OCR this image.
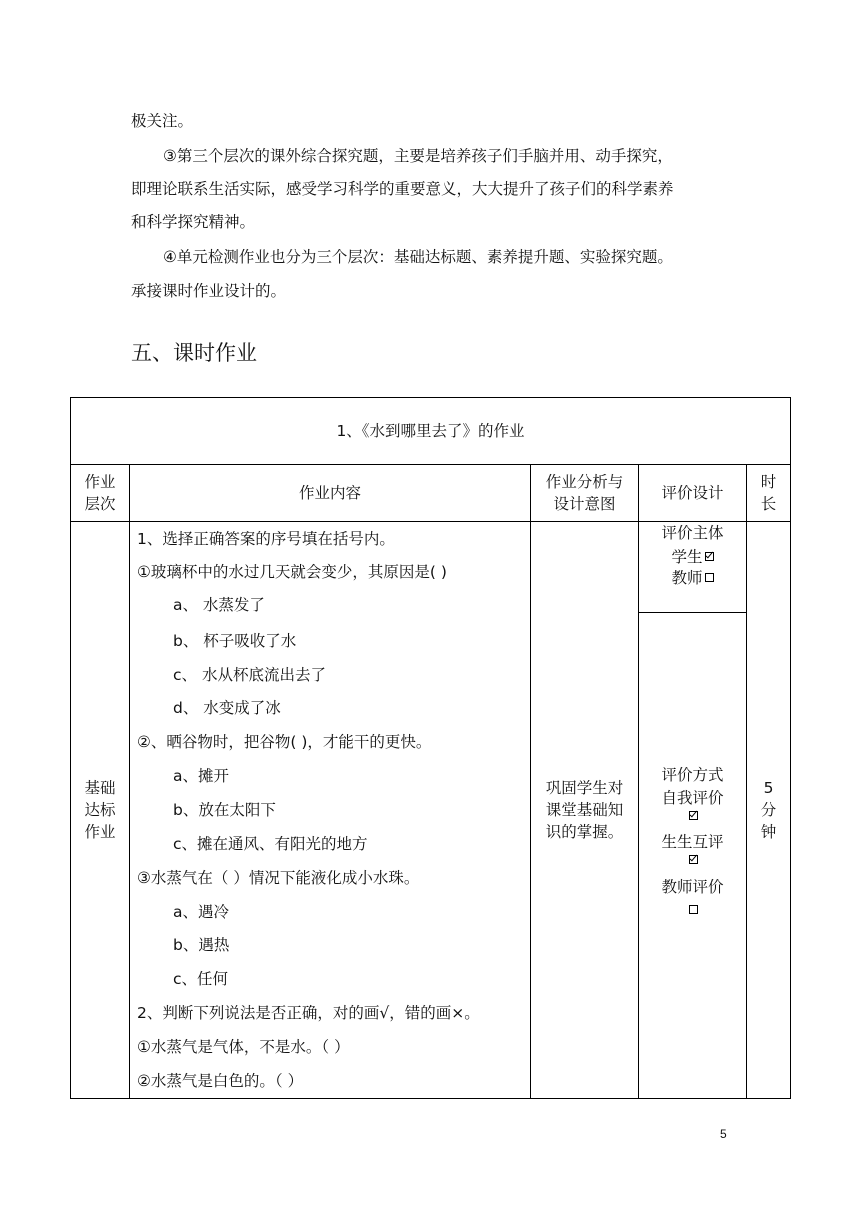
极关注。

③第三个层次的课外综合探究题，主要是培养孩子们手脑并用、动手探究，

即理论联系生活实际，感受学习科学的重要意义，大大提升了孩子们的科学素养

和科学探究精神。

④单元检测作业也分为三个层次：基础达标题、素养提升题、实验探究题。

承接课时作业设计的。

五、课时作业
1、《水到哪里去了》的作业
作业
层次
作业内容
作业分析与
设计意图
评价设计
时
长
基础
达标
作业
1、选择正确答案的序号填在括号内。
①玻璃杯中的水过几天就会变少，其原因是( )
a、 水蒸发了
b、 杯子吸收了水
c、 水从杯底流出去了
d、 水变成了冰
②、晒谷物时，把谷物( )，才能干的更快。
a、摊开
b、放在太阳下
c、摊在通风、有阳光的地方
③水蒸气在（ ）情况下能液化成小水珠。
a、遇冷
b、遇热
c、任何
2、判断下列说法是否正确，对的画√，错的画×。
①水蒸气是气体，不是水。（ ）
②水蒸气是白色的。（ ）
巩固学生对
课堂基础知
识的掌握。
评价主体
学生
教师
评价方式
自我评价
生生互评
教师评价
5
分
钟
5
